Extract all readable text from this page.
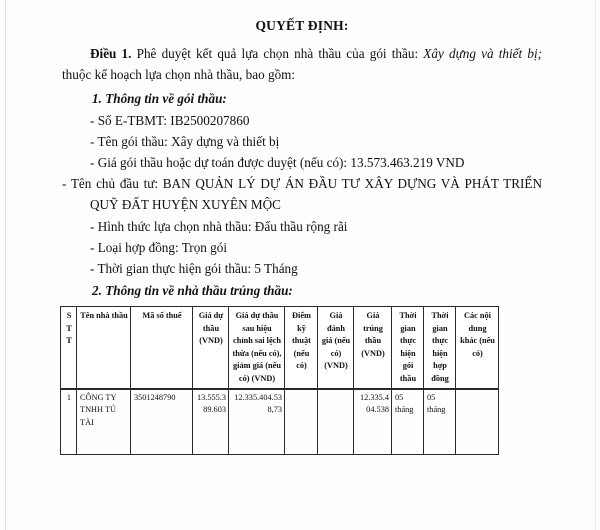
QUYẾT ĐỊNH:

Điều 1. Phê duyệt kết quả lựa chọn nhà thầu của gói thầu: Xây dựng và thiết bị; thuộc kế hoạch lựa chọn nhà thầu, bao gồm:

1. Thông tin về gói thầu:
- Số E-TBMT: IB2500207860
- Tên gói thầu: Xây dựng và thiết bị
- Giá gói thầu hoặc dự toán được duyệt (nếu có): 13.573.463.219 VND
- Tên chủ đầu tư: BAN QUẢN LÝ DỰ ÁN ĐẦU TƯ XÂY DỰNG VÀ PHÁT TRIỂN QUỸ ĐẤT HUYỆN XUYÊN MỘC
- Hình thức lựa chọn nhà thầu: Đấu thầu rộng rãi
- Loại hợp đồng: Trọn gói
- Thời gian thực hiện gói thầu: 5 Tháng
2. Thông tin về nhà thầu trúng thầu:
S T T	Tên nhà thầu	Mã số thuế	Giá dự thầu (VND)	Giá dự thầu sau hiệu chỉnh sai lệch thừa (nếu có), giảm giá (nếu có) (VND)	Điểm kỹ thuật (nếu có)	Giá đánh giá (nếu có) (VND)	Giá trúng thầu (VND)	Thời gian thực hiện gói thầu	Thời gian thực hiện hợp đồng	Các nội dung khác (nếu có)
1	CÔNG TY TNHH TÚ TÀI	3501248790	13.555.389.603	12.335.404.538,73			12.335.404.538	05 tháng	05 tháng	
